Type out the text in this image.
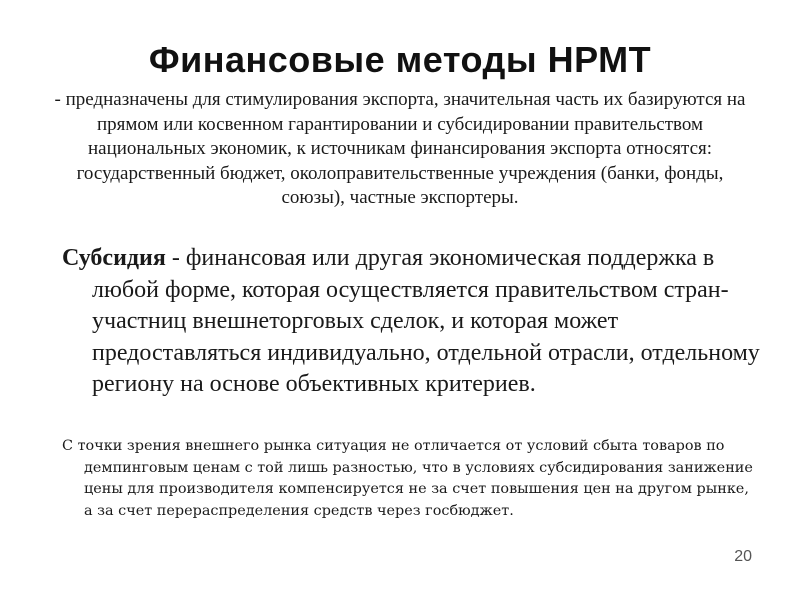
Финансовые методы НРМТ
- предназначены для стимулирования экспорта, значительная часть их базируются на прямом или косвенном гарантировании и субсидировании правительством национальных экономик, к источникам финансирования экспорта относятся: государственный бюджет, околоправительственные учреждения (банки, фонды, союзы), частные экспортеры.
Субсидия - финансовая или другая экономическая поддержка в любой форме, которая осуществляется правительством стран-участниц внешнеторговых сделок, и которая может предоставляться индивидуально, отдельной отрасли, отдельному региону на основе объективных критериев.
С точки зрения внешнего рынка ситуация не отличается от условий сбыта товаров по демпинговым ценам с той лишь разностью, что в условиях субсидирования занижение цены для производителя компенсируется не за счет повышения цен на другом рынке, а за счет перераспределения средств через госбюджет.
20
